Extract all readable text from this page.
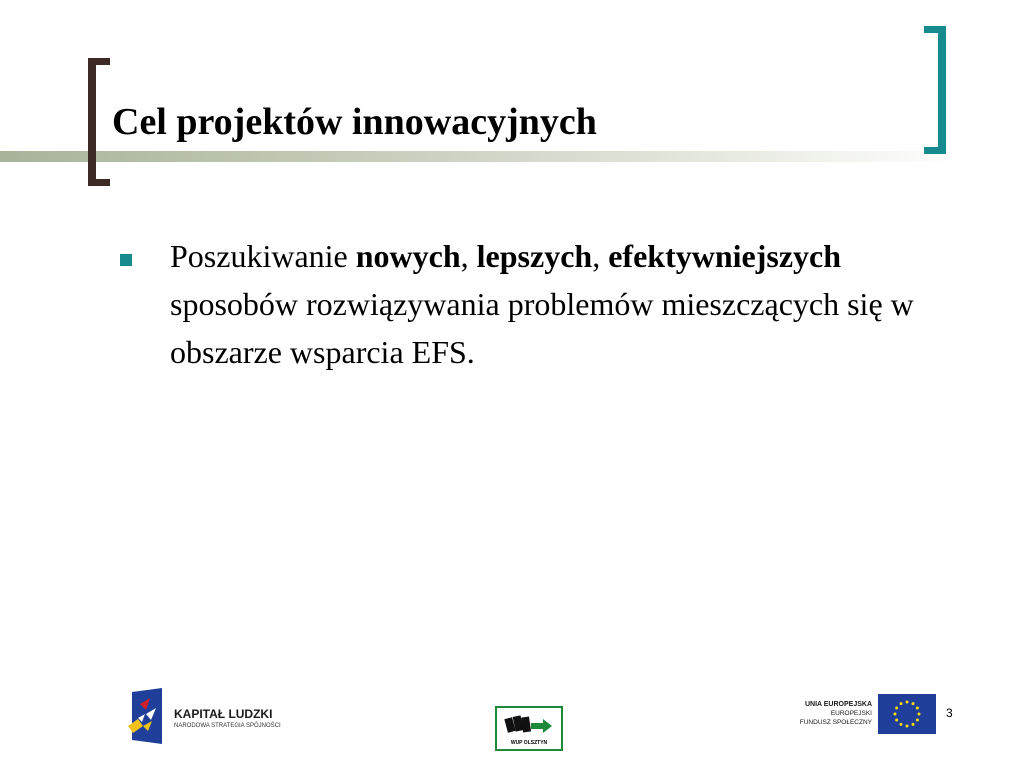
Cel projektów innowacyjnych

Poszukiwanie nowych, lepszych, efektywniejszych sposobów rozwiązywania problemów mieszczących się w obszarze wsparcia EFS.

KAPITAŁ LUDZKI
NARODOWA STRATEGIA SPÓJNOŚCI
WUP OLSZTYN
UNIA EUROPEJSKA
EUROPEJSKI
FUNDUSZ SPOŁECZNY
3
